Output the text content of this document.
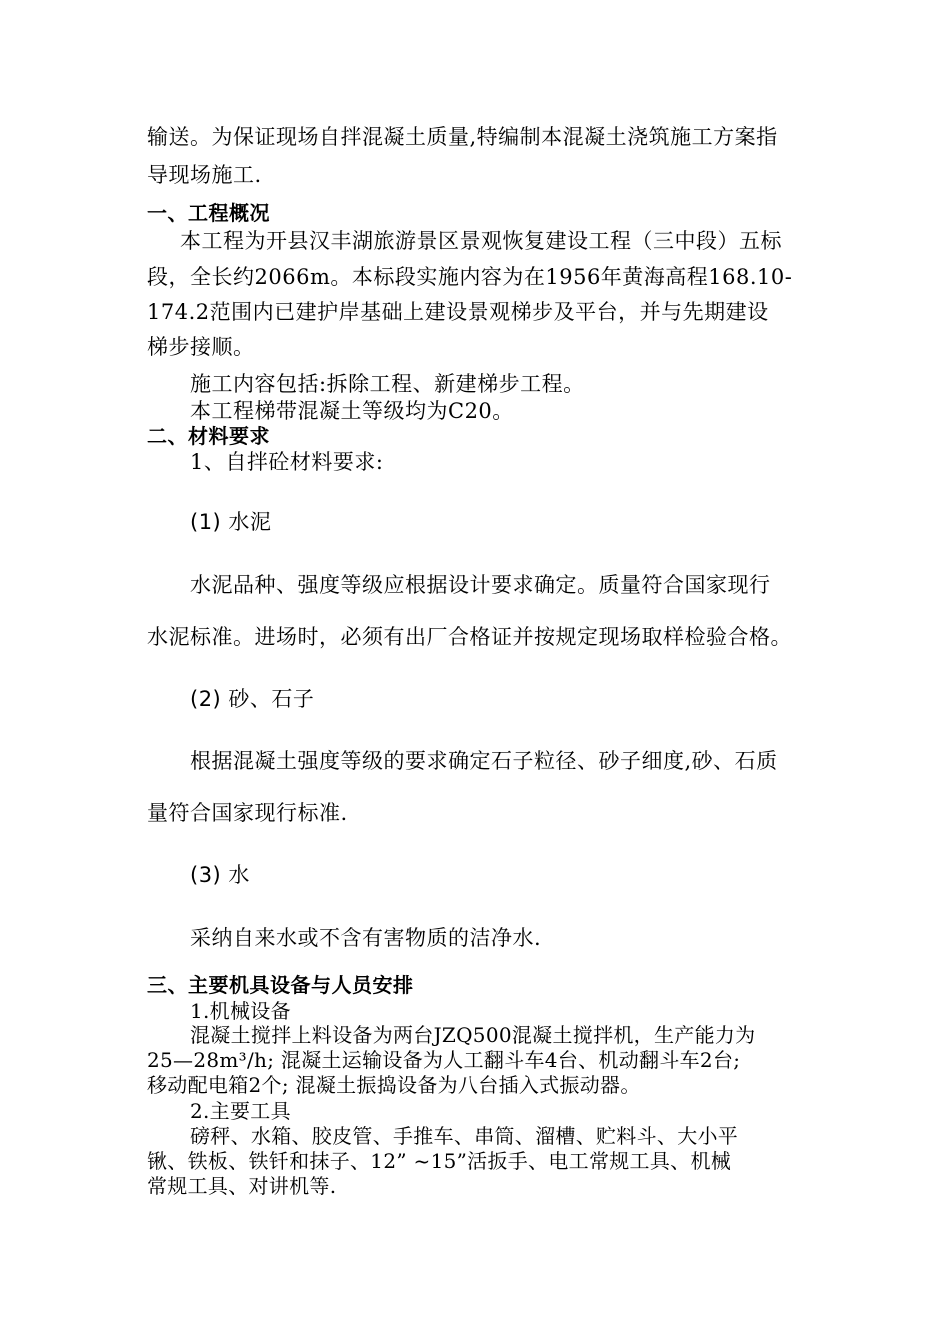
输送。为保证现场自拌混凝土质量,特编制本混凝土浇筑施工方案指
导现场施工.
一、工程概况
本工程为开县汉丰湖旅游景区景观恢复建设工程（三中段）五标
段，全长约2066m。本标段实施内容为在1956年黄海高程168.10-
174.2范围内已建护岸基础上建设景观梯步及平台，并与先期建设
梯步接顺。
施工内容包括:拆除工程、新建梯步工程。
本工程梯带混凝土等级均为C20。
二、材料要求
1、自拌砼材料要求:
(1) 水泥
水泥品种、强度等级应根据设计要求确定。质量符合国家现行
水泥标准。进场时，必须有出厂合格证并按规定现场取样检验合格。
(2) 砂、石子
根据混凝土强度等级的要求确定石子粒径、砂子细度,砂、石质
量符合国家现行标准.
(3) 水
采纳自来水或不含有害物质的洁净水.
三、主要机具设备与人员安排
1.机械设备
混凝土搅拌上料设备为两台JZQ500混凝土搅拌机，生产能力为
25—28m³/h; 混凝土运输设备为人工翻斗车4台、机动翻斗车2台;
移动配电箱2个; 混凝土振捣设备为八台插入式振动器。
2.主要工具
磅秤、水箱、胶皮管、手推车、串筒、溜槽、贮料斗、大小平
锹、铁板、铁钎和抹子、12” ~15”活扳手、电工常规工具、机械
常规工具、对讲机等.
